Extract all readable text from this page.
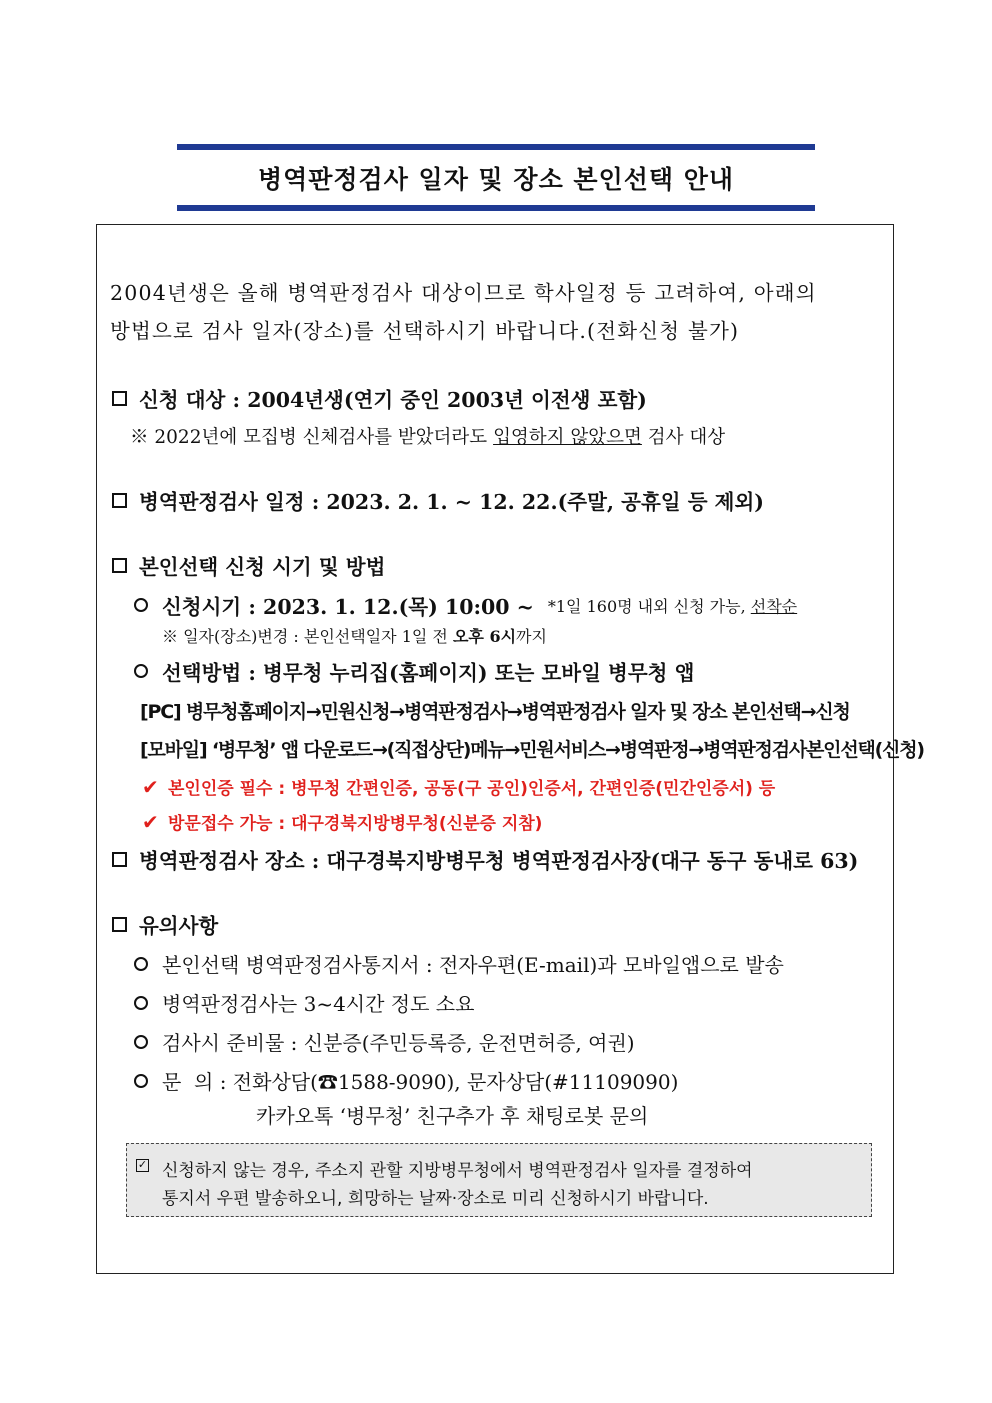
병역판정검사 일자 및 장소 본인선택 안내
2004년생은 올해 병역판정검사 대상이므로 학사일정 등 고려하여, 아래의
방법으로 검사 일자(장소)를 선택하시기 바랍니다.(전화신청 불가)
신청 대상 : 2004년생(연기 중인 2003년 이전생 포함)
※ 2022년에 모집병 신체검사를 받았더라도 입영하지 않았으면 검사 대상
병역판정검사 일정 : 2023. 2. 1. ~ 12. 22.(주말, 공휴일 등 제외)
본인선택 신청 시기 및 방법
신청시기 : 2023. 1. 12.(목) 10:00 ~ *1일 160명 내외 신청 가능, 선착순
※ 일자(장소)변경 : 본인선택일자 1일 전 오후 6시까지
선택방법 : 병무청 누리집(홈페이지) 또는 모바일 병무청 앱
[PC] 병무청홈페이지→민원신청→병역판정검사→병역판정검사 일자 및 장소 본인선택→신청
[모바일] ‘병무청’ 앱 다운로드→(직접상단)메뉴→민원서비스→병역판정→병역판정검사본인선택(신청)
✔ 본인인증 필수 : 병무청 간편인증, 공동(구 공인)인증서, 간편인증(민간인증서) 등
✔ 방문접수 가능 : 대구경북지방병무청(신분증 지참)
병역판정검사 장소 : 대구경북지방병무청 병역판정검사장(대구 동구 동내로 63)
유의사항
본인선택 병역판정검사통지서 : 전자우편(E-mail)과 모바일앱으로 발송
병역판정검사는 3~4시간 정도 소요
검사시 준비물 : 신분증(주민등록증, 운전면허증, 여권)
문  의 : 전화상담(☎1588-9090), 문자상담(#11109090)
카카오톡 ‘병무청’ 친구추가 후 채팅로봇 문의
✓ 신청하지 않는 경우, 주소지 관할 지방병무청에서 병역판정검사 일자를 결정하여
통지서 우편 발송하오니, 희망하는 날짜·장소로 미리 신청하시기 바랍니다.
